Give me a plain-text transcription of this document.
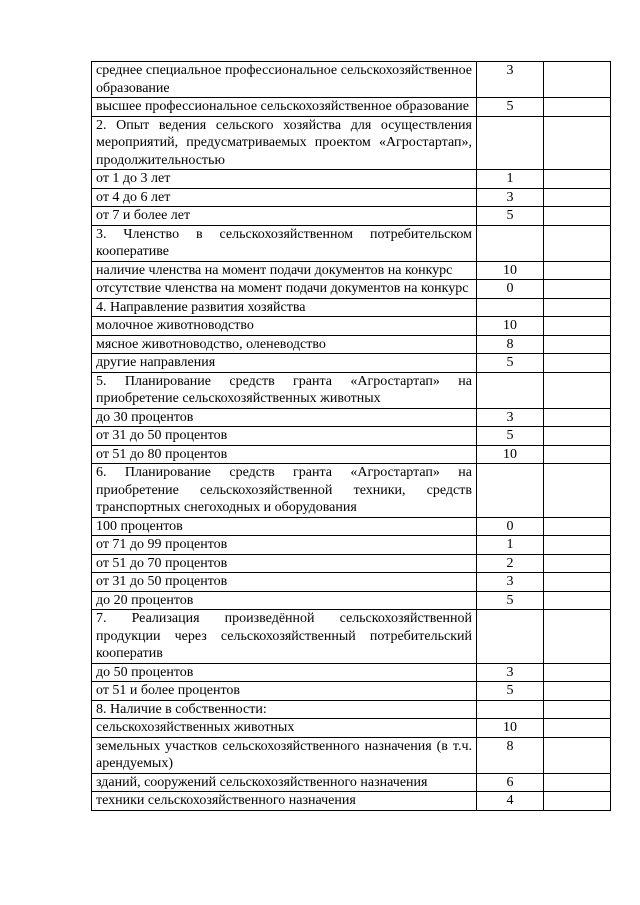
среднее специальное профессиональное сельскохозяйственное образование	3	

высшее профессиональное сельскохозяйственное образование	5	

2. Опыт ведения сельского хозяйства для осуществления мероприятий, предусматриваемых проектом «Агростартап», продолжительностью		

от 1 до 3 лет	1	

от 4 до 6 лет	3	

от 7 и более лет	5	

3. Членство в сельскохозяйственном потребительском кооперативе		

наличие членства на момент подачи документов на конкурс	10	

отсутствие членства на момент подачи документов на конкурс	0	

4. Направление развития хозяйства		

молочное животноводство	10	

мясное животноводство, оленеводство	8	

другие направления	5	

5. Планирование средств гранта «Агростартап» на приобретение сельскохозяйственных животных		

до 30 процентов	3	

от 31 до 50 процентов	5	

от 51 до 80 процентов	10	

6. Планирование средств гранта «Агростартап» на приобретение сельскохозяйственной техники, средств транспортных снегоходных и оборудования		

100 процентов	0	

от 71 до 99 процентов	1	

от 51 до 70 процентов	2	

от 31 до 50 процентов	3	

до 20 процентов	5	

7. Реализация произведённой сельскохозяйственной продукции через сельскохозяйственный потребительский кооператив		

до 50 процентов	3	

от 51 и более процентов	5	

8. Наличие в собственности:		

сельскохозяйственных животных	10	

земельных участков сельскохозяйственного назначения (в т.ч. арендуемых)	8	

зданий, сооружений сельскохозяйственного назначения	6	

техники сельскохозяйственного назначения	4	
